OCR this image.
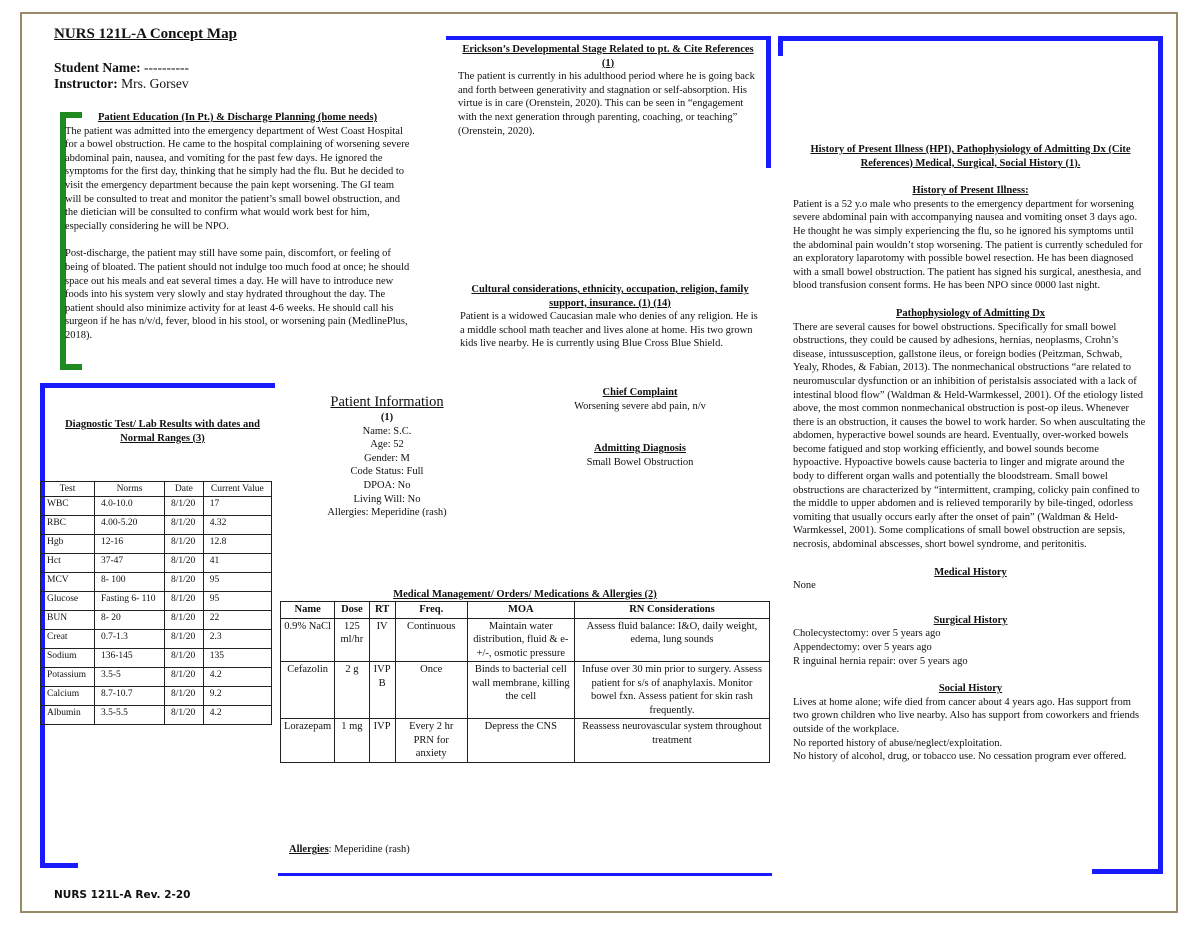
NURS 121L-A Concept Map
Student Name: ----------
Instructor: Mrs. Gorsev
Patient Education (In Pt.) & Discharge Planning (home needs)

The patient was admitted into the emergency department of West Coast Hospital for a bowel obstruction. He came to the hospital complaining of worsening severe abdominal pain, nausea, and vomiting for the past few days. He ignored the symptoms for the first day, thinking that he simply had the flu. But he decided to visit the emergency department because the pain kept worsening. The GI team will be consulted to treat and monitor the patient’s small bowel obstruction, and the dietician will be consulted to confirm what would work best for him, especially considering he will be NPO.

Post-discharge, the patient may still have some pain, discomfort, or feeling of being of bloated. The patient should not indulge too much food at once; he should space out his meals and eat several times a day. He will have to introduce new foods into his system very slowly and stay hydrated throughout the day. The patient should also minimize activity for at least 4-6 weeks. He should call his surgeon if he has n/v/d, fever, blood in his stool, or worsening pain (MedlinePlus, 2018).

Erickson’s Developmental Stage Related to pt. & Cite References (1)

The patient is currently in his adulthood period where he is going back and forth between generativity and stagnation or self-absorption. His virtue is in care (Orenstein, 2020). This can be seen in “engagement with the next generation through parenting, coaching, or teaching” (Orenstein, 2020).

Cultural considerations, ethnicity, occupation, religion, family support, insurance. (1) (14)

Patient is a widowed Caucasian male who denies of any religion. He is a middle school math teacher and lives alone at home. His two grown kids live nearby. He is currently using Blue Cross Blue Shield.

Patient Information
(1)
Name: S.C.
Age: 52
Gender: M
Code Status: Full
DPOA: No
Living Will: No
Allergies: Meperidine (rash)
Chief Complaint
Worsening severe abd pain, n/v
Admitting Diagnosis
Small Bowel Obstruction
Diagnostic Test/ Lab Results with dates and Normal Ranges (3)
Test	Norms	Date	Current Value
WBC	4.0-10.0	8/1/20	17
RBC	4.00-5.20	8/1/20	4.32
Hgb	12-16	8/1/20	12.8
Hct	37-47	8/1/20	41
MCV	8- 100	8/1/20	95
Glucose	Fasting 6- 110	8/1/20	95
BUN	8- 20	8/1/20	22
Creat	0.7-1.3	8/1/20	2.3
Sodium	136-145	8/1/20	135
Potassium	3.5-5	8/1/20	4.2
Calcium	8.7-10.7	8/1/20	9.2
Albumin	3.5-5.5	8/1/20	4.2
Medical Management/ Orders/ Medications & Allergies (2)
Name	Dose	RT	Freq.	MOA	RN Considerations
0.9% NaCl	125 ml/hr	IV	Continuous	Maintain water distribution, fluid & e-+/-, osmotic pressure	Assess fluid balance: I&O, daily weight, edema, lung sounds
Cefazolin	2 g	IVP B	Once	Binds to bacterial cell wall membrane, killing the cell	Infuse over 30 min prior to surgery. Assess patient for s/s of anaphylaxis. Monitor bowel fxn. Assess patient for skin rash frequently.
Lorazepam	1 mg	IVP	Every 2 hr PRN for anxiety	Depress the CNS	Reassess neurovascular system throughout treatment
Allergies: Meperidine (rash)
History of Present Illness (HPI), Pathophysiology of Admitting Dx (Cite References) Medical, Surgical, Social History (1).
History of Present Illness:

Patient is a 52 y.o male who presents to the emergency department for worsening severe abdominal pain with accompanying nausea and vomiting onset 3 days ago. He thought he was simply experiencing the flu, so he ignored his symptoms until the abdominal pain wouldn’t stop worsening. The patient is currently scheduled for an exploratory laparotomy with possible bowel resection. He has been diagnosed with a small bowel obstruction. The patient has signed his surgical, anesthesia, and blood transfusion consent forms. He has been NPO since 0000 last night.

Pathophysiology of Admitting Dx

There are several causes for bowel obstructions. Specifically for small bowel obstructions, they could be caused by adhesions, hernias, neoplasms, Crohn’s disease, intussusception, gallstone ileus, or foreign bodies (Peitzman, Schwab, Yealy, Rhodes, & Fabian, 2013). The nonmechanical obstructions “are related to neuromuscular dysfunction or an inhibition of peristalsis associated with a lack of intestinal blood flow” (Waldman & Held-Warmkessel, 2001). Of the etiology listed above, the most common nonmechanical obstruction is post-op ileus. Whenever there is an obstruction, it causes the bowel to work harder. So when auscultating the abdomen, hyperactive bowel sounds are heard. Eventually, over-worked bowels become fatigued and stop working efficiently, and bowel sounds become hypoactive. Hypoactive bowels cause bacteria to linger and migrate around the body to different organ walls and potentially the bloodstream. Small bowel obstructions are characterized by “intermittent, cramping, colicky pain confined to the middle to upper abdomen and is relieved temporarily by bile-tinged, odorless vomiting that usually occurs early after the onset of pain” (Waldman & Held-Warmkessel, 2001). Some complications of small bowel obstruction are sepsis, necrosis, abdominal abscesses, short bowel syndrome, and peritonitis.

Medical History

None

Surgical History

Cholecystectomy: over 5 years ago

Appendectomy: over 5 years ago

R inguinal hernia repair: over 5 years ago

Social History

Lives at home alone; wife died from cancer about 4 years ago. Has support from two grown children who live nearby. Also has support from coworkers and friends outside of the workplace.

No reported history of abuse/neglect/exploitation.

No history of alcohol, drug, or tobacco use. No cessation program ever offered.

NURS 121L-A Rev. 2-20
